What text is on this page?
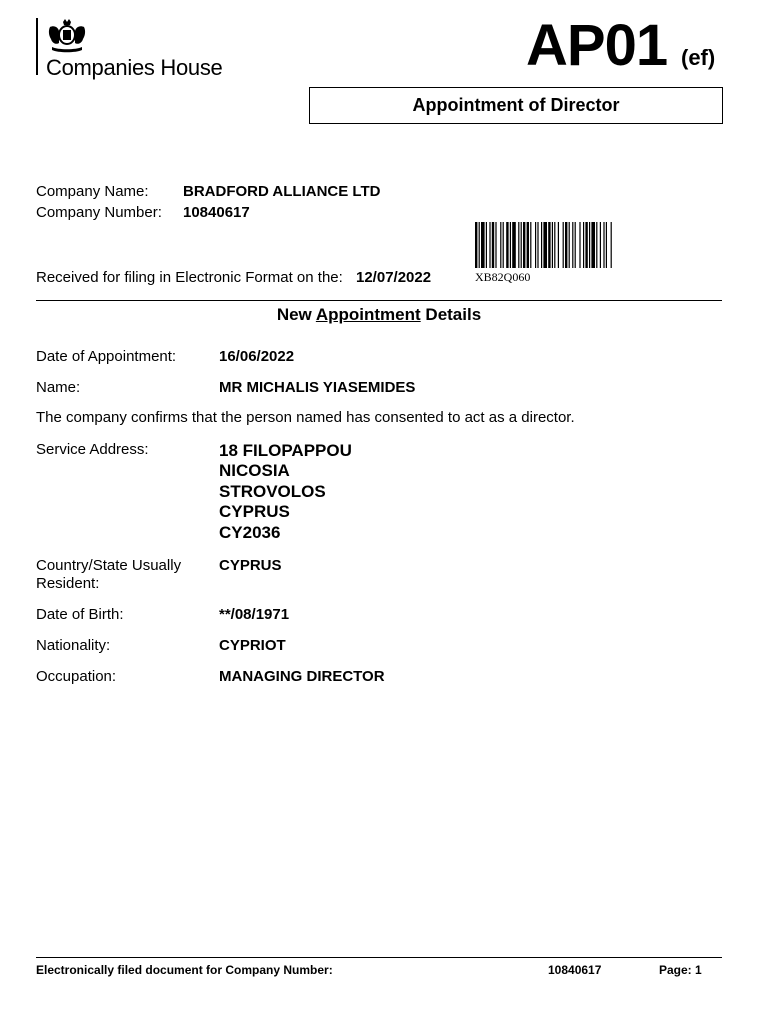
Companies House	AP01 (ef)
Appointment of Director
Company Name: BRADFORD ALLIANCE LTD
Company Number: 10840617
XB82Q060
Received for filing in Electronic Format on the: 12/07/2022
New Appointment Details
Date of Appointment:	16/06/2022
Name:	MR MICHALIS YIASEMIDES
The company confirms that the person named has consented to act as a director.
Service Address:	18 FILOPAPPOU
NICOSIA
STROVOLOS
CYPRUS
CY2036
Country/State Usually
Resident:
CYPRUS
Date of Birth:	**/08/1971
Nationality:	CYPRIOT
Occupation:	MANAGING DIRECTOR
Electronically filed document for Company Number:	10840617	Page: 1
